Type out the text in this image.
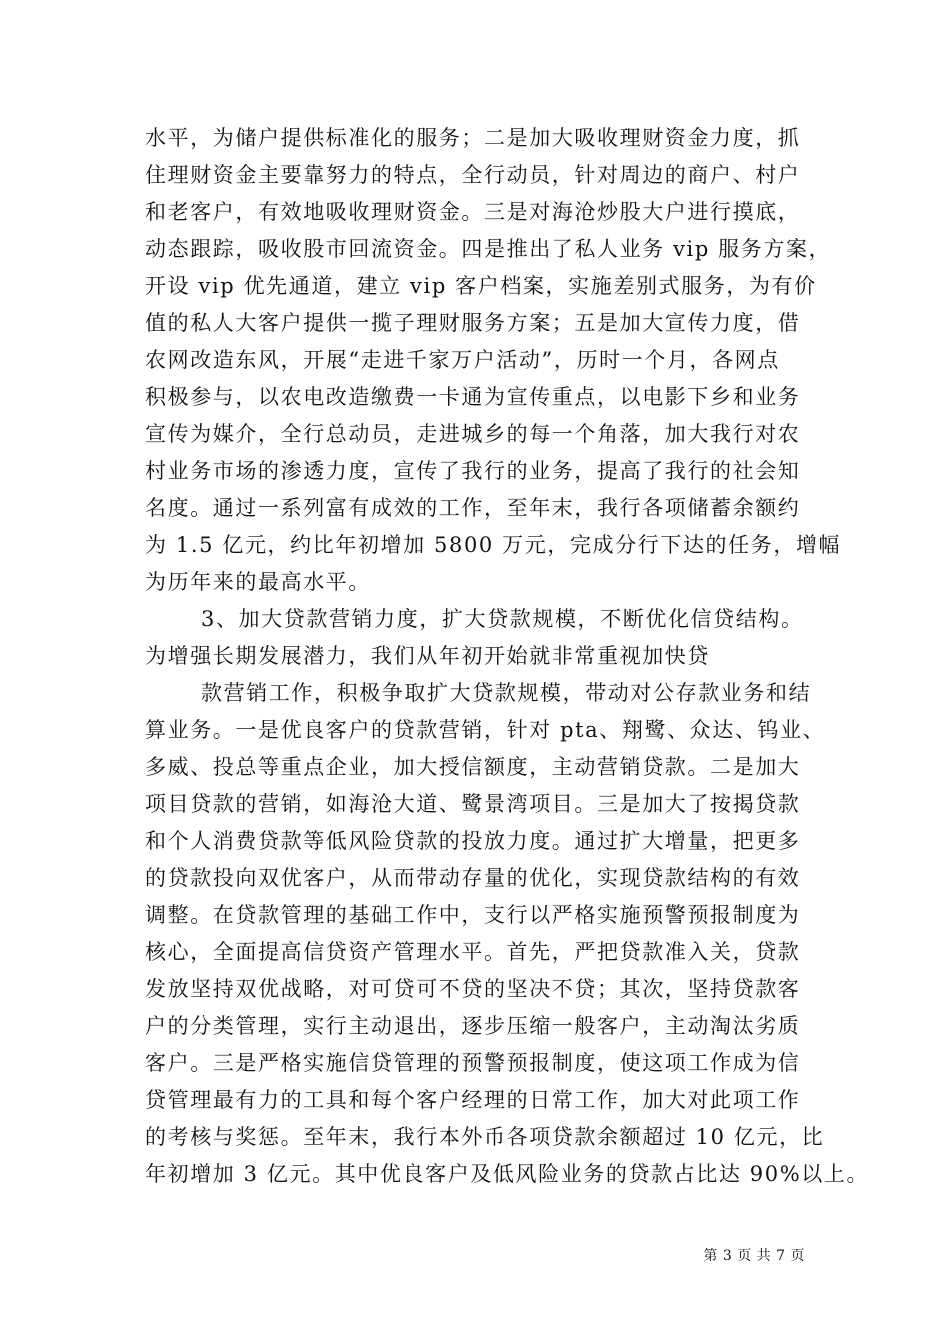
水平，为储户提供标准化的服务；二是加大吸收理财资金力度，抓
住理财资金主要靠努力的特点，全行动员，针对周边的商户、村户
和老客户，有效地吸收理财资金。三是对海沧炒股大户进行摸底，
动态跟踪，吸收股市回流资金。四是推出了私人业务 vip 服务方案，
开设 vip 优先通道，建立 vip 客户档案，实施差别式服务，为有价
值的私人大客户提供一揽子理财服务方案；五是加大宣传力度，借
农网改造东风，开展“走进千家万户活动”，历时一个月，各网点
积极参与，以农电改造缴费一卡通为宣传重点，以电影下乡和业务
宣传为媒介，全行总动员，走进城乡的每一个角落，加大我行对农
村业务市场的渗透力度，宣传了我行的业务，提高了我行的社会知
名度。通过一系列富有成效的工作，至年末，我行各项储蓄余额约
为 1.5 亿元，约比年初增加 5800 万元，完成分行下达的任务，增幅
为历年来的最高水平。
3、加大贷款营销力度，扩大贷款规模，不断优化信贷结构。
为增强长期发展潜力，我们从年初开始就非常重视加快贷
款营销工作，积极争取扩大贷款规模，带动对公存款业务和结
算业务。一是优良客户的贷款营销，针对 pta、翔鹭、众达、钨业、
多威、投总等重点企业，加大授信额度，主动营销贷款。二是加大
项目贷款的营销，如海沧大道、鹭景湾项目。三是加大了按揭贷款
和个人消费贷款等低风险贷款的投放力度。通过扩大增量，把更多
的贷款投向双优客户，从而带动存量的优化，实现贷款结构的有效
调整。在贷款管理的基础工作中，支行以严格实施预警预报制度为
核心，全面提高信贷资产管理水平。首先，严把贷款准入关，贷款
发放坚持双优战略，对可贷可不贷的坚决不贷；其次，坚持贷款客
户的分类管理，实行主动退出，逐步压缩一般客户，主动淘汰劣质
客户。三是严格实施信贷管理的预警预报制度，使这项工作成为信
贷管理最有力的工具和每个客户经理的日常工作，加大对此项工作
的考核与奖惩。至年末，我行本外币各项贷款余额超过 10 亿元，比
年初增加 3 亿元。其中优良客户及低风险业务的贷款占比达 90%以上。
第 3 页 共 7 页
